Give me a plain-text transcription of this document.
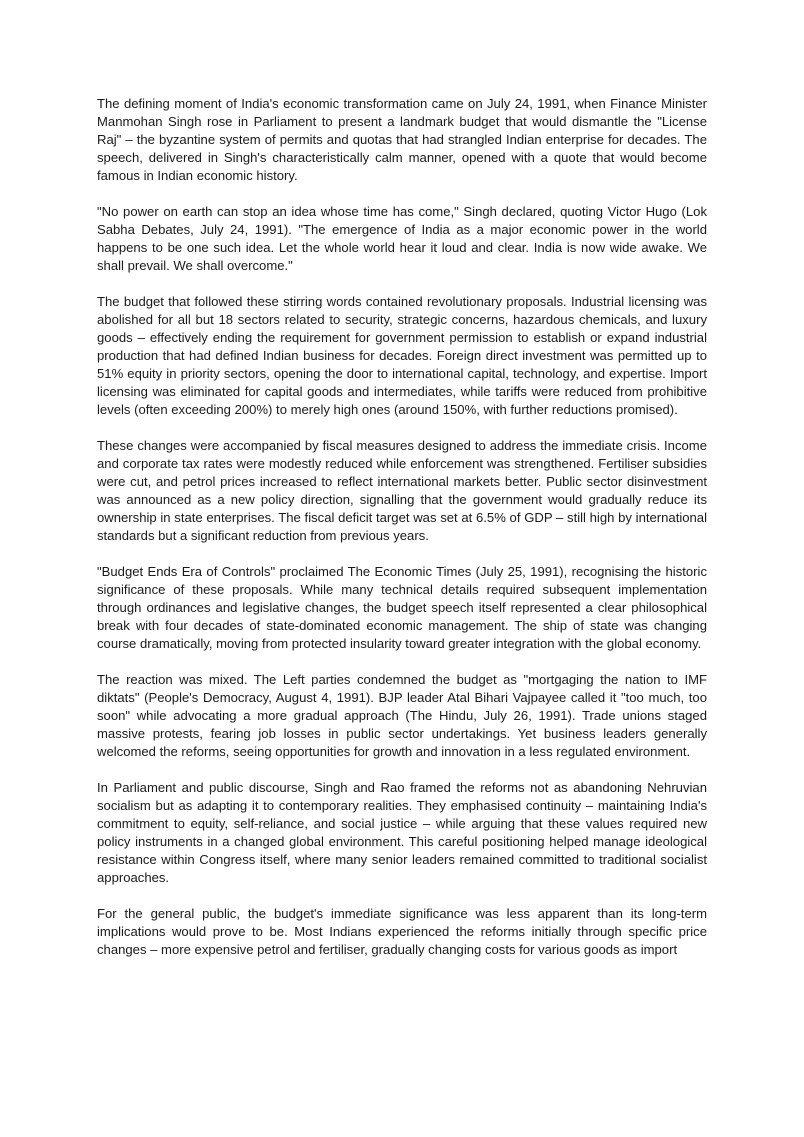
The defining moment of India's economic transformation came on July 24, 1991, when Finance Minister Manmohan Singh rose in Parliament to present a landmark budget that would dismantle the "License Raj" – the byzantine system of permits and quotas that had strangled Indian enterprise for decades. The speech, delivered in Singh's characteristically calm manner, opened with a quote that would become famous in Indian economic history.

"No power on earth can stop an idea whose time has come," Singh declared, quoting Victor Hugo (Lok Sabha Debates, July 24, 1991). "The emergence of India as a major economic power in the world happens to be one such idea. Let the whole world hear it loud and clear. India is now wide awake. We shall prevail. We shall overcome."

The budget that followed these stirring words contained revolutionary proposals. Industrial licensing was abolished for all but 18 sectors related to security, strategic concerns, hazardous chemicals, and luxury goods – effectively ending the requirement for government permission to establish or expand industrial production that had defined Indian business for decades. Foreign direct investment was permitted up to 51% equity in priority sectors, opening the door to international capital, technology, and expertise. Import licensing was eliminated for capital goods and intermediates, while tariffs were reduced from prohibitive levels (often exceeding 200%) to merely high ones (around 150%, with further reductions promised).

These changes were accompanied by fiscal measures designed to address the immediate crisis. Income and corporate tax rates were modestly reduced while enforcement was strengthened. Fertiliser subsidies were cut, and petrol prices increased to reflect international markets better. Public sector disinvestment was announced as a new policy direction, signalling that the government would gradually reduce its ownership in state enterprises. The fiscal deficit target was set at 6.5% of GDP – still high by international standards but a significant reduction from previous years.

"Budget Ends Era of Controls" proclaimed The Economic Times (July 25, 1991), recognising the historic significance of these proposals. While many technical details required subsequent implementation through ordinances and legislative changes, the budget speech itself represented a clear philosophical break with four decades of state-dominated economic management. The ship of state was changing course dramatically, moving from protected insularity toward greater integration with the global economy.

The reaction was mixed. The Left parties condemned the budget as "mortgaging the nation to IMF diktats" (People's Democracy, August 4, 1991). BJP leader Atal Bihari Vajpayee called it "too much, too soon" while advocating a more gradual approach (The Hindu, July 26, 1991). Trade unions staged massive protests, fearing job losses in public sector undertakings. Yet business leaders generally welcomed the reforms, seeing opportunities for growth and innovation in a less regulated environment.

In Parliament and public discourse, Singh and Rao framed the reforms not as abandoning Nehruvian socialism but as adapting it to contemporary realities. They emphasised continuity – maintaining India's commitment to equity, self-reliance, and social justice – while arguing that these values required new policy instruments in a changed global environment. This careful positioning helped manage ideological resistance within Congress itself, where many senior leaders remained committed to traditional socialist approaches.

For the general public, the budget's immediate significance was less apparent than its long-term implications would prove to be. Most Indians experienced the reforms initially through specific price changes – more expensive petrol and fertiliser, gradually changing costs for various goods as import
